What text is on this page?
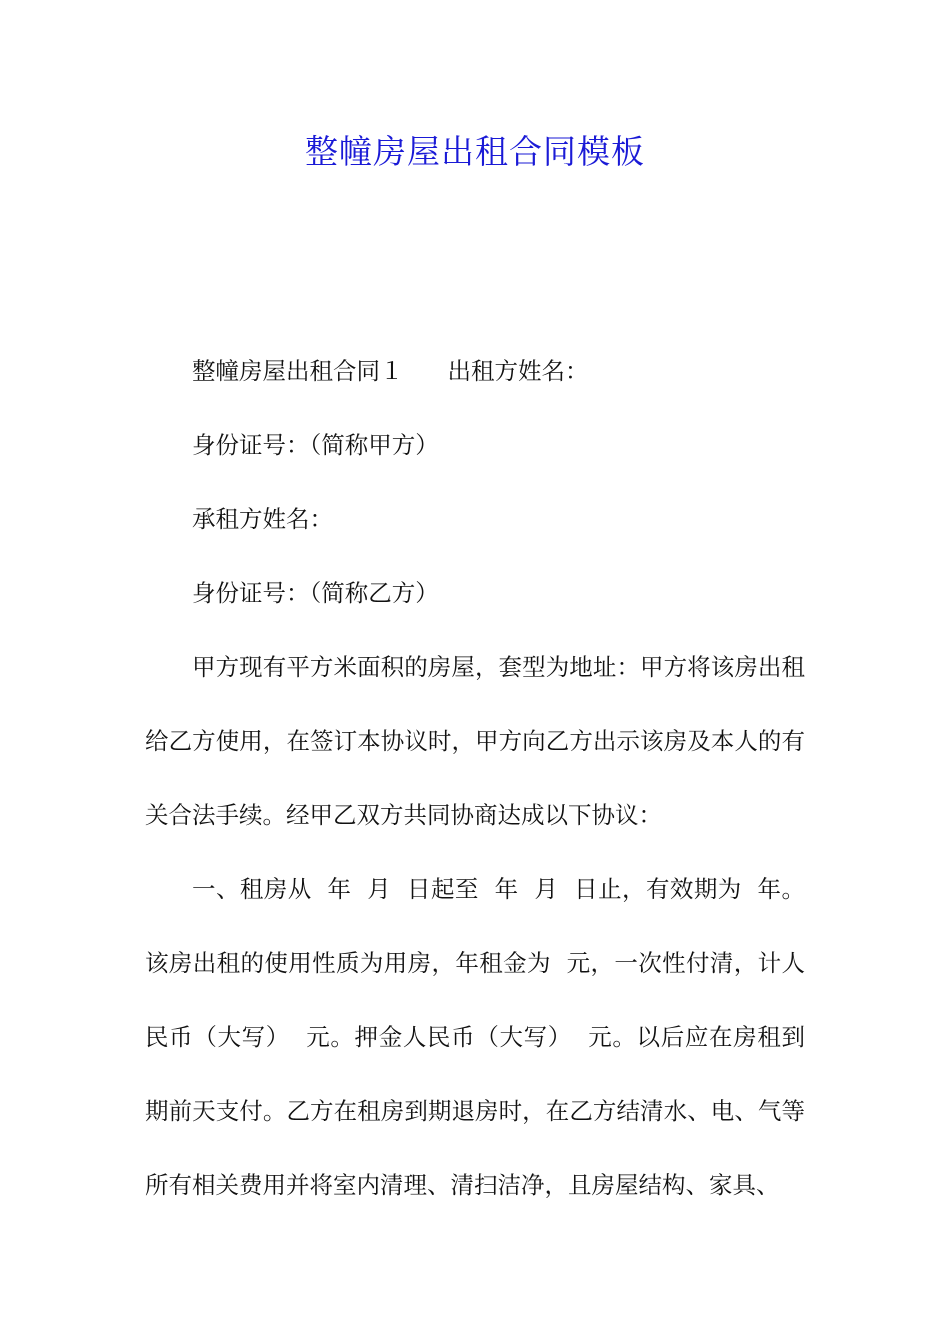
整幢房屋出租合同模板

整幢房屋出租合同１ 出租方姓名：

身份证号：（简称甲方）

承租方姓名：

身份证号：（简称乙方）

甲方现有平方米面积的房屋，套型为地址：甲方将该房出租给乙方使用，在签订本协议时，甲方向乙方出示该房及本人的有关合法手续。经甲乙双方共同协商达成以下协议：

一、租房从  年  月  日起至  年  月  日止，有效期为  年。该房出租的使用性质为用房，年租金为  元，一次性付清，计人民币（大写）  元。押金人民币（大写）  元。以后应在房租到期前天支付。乙方在租房到期退房时，在乙方结清水、电、气等所有相关费用并将室内清理、清扫洁净，且房屋结构、家具、
